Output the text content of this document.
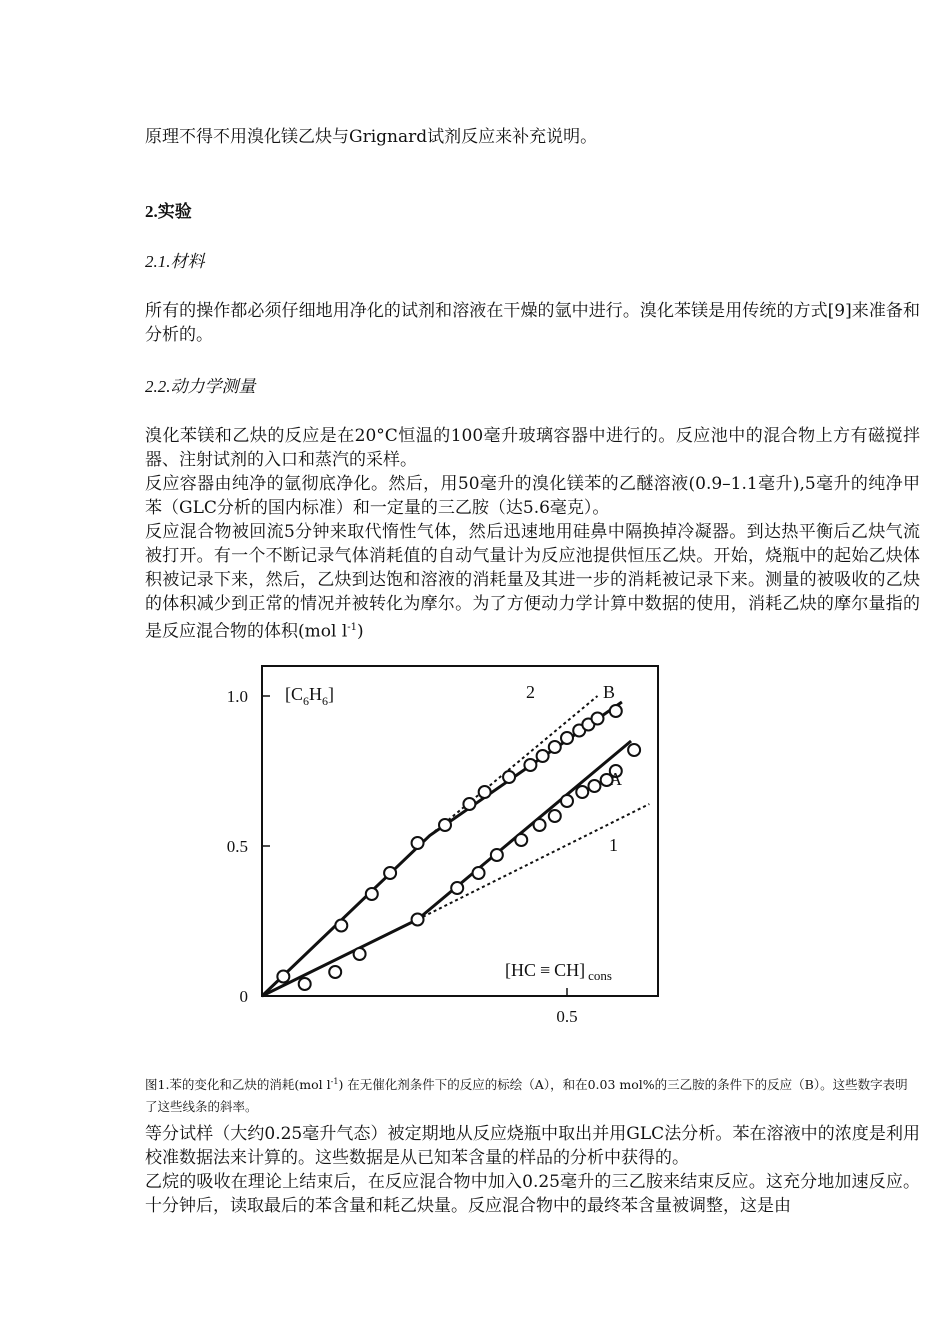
原理不得不用溴化镁乙炔与Grignard试剂反应来补充说明。
2.实验
2.1.材料
所有的操作都必须仔细地用净化的试剂和溶液在干燥的氩中进行。溴化苯镁是用传统的方式[9]来准备和分析的。
2.2.动力学测量
溴化苯镁和乙炔的反应是在20°C恒温的100毫升玻璃容器中进行的。反应池中的混合物上方有磁搅拌器、注射试剂的入口和蒸汽的采样。
反应容器由纯净的氩彻底净化。然后，用50毫升的溴化镁苯的乙醚溶液(0.9–1.1毫升),5毫升的纯净甲苯（GLC分析的国内标准）和一定量的三乙胺（达5.6毫克）。
反应混合物被回流5分钟来取代惰性气体，然后迅速地用硅鼻中隔换掉冷凝器。到达热平衡后乙炔气流被打开。有一个不断记录气体消耗值的自动气量计为反应池提供恒压乙炔。开始，烧瓶中的起始乙炔体积被记录下来，然后，乙炔到达饱和溶液的消耗量及其进一步的消耗被记录下来。测量的被吸收的乙炔的体积减少到正常的情况并被转化为摩尔。为了方便动力学计算中数据的使用，消耗乙炔的摩尔量指的是反应混合物的体积(mol $l^{-1}$)
0
0.5
1.0
0.5
$[C_6H_6]$
[HC ≡ CH] $_{cons}$
2	B
A
1
图1.苯的变化和乙炔的消耗(mol $l^{-1}$) 在无催化剂条件下的反应的标绘（A），和在0.03 mol%的三乙胺的条件下的反应（B）。这些数字表明了这些线条的斜率。
等分试样（大约0.25毫升气态）被定期地从反应烧瓶中取出并用GLC法分析。苯在溶液中的浓度是利用校准数据法来计算的。这些数据是从已知苯含量的样品的分析中获得的。
乙烷的吸收在理论上结束后，在反应混合物中加入0.25毫升的三乙胺来结束反应。这充分地加速反应。十分钟后，读取最后的苯含量和耗乙炔量。反应混合物中的最终苯含量被调整，这是由
